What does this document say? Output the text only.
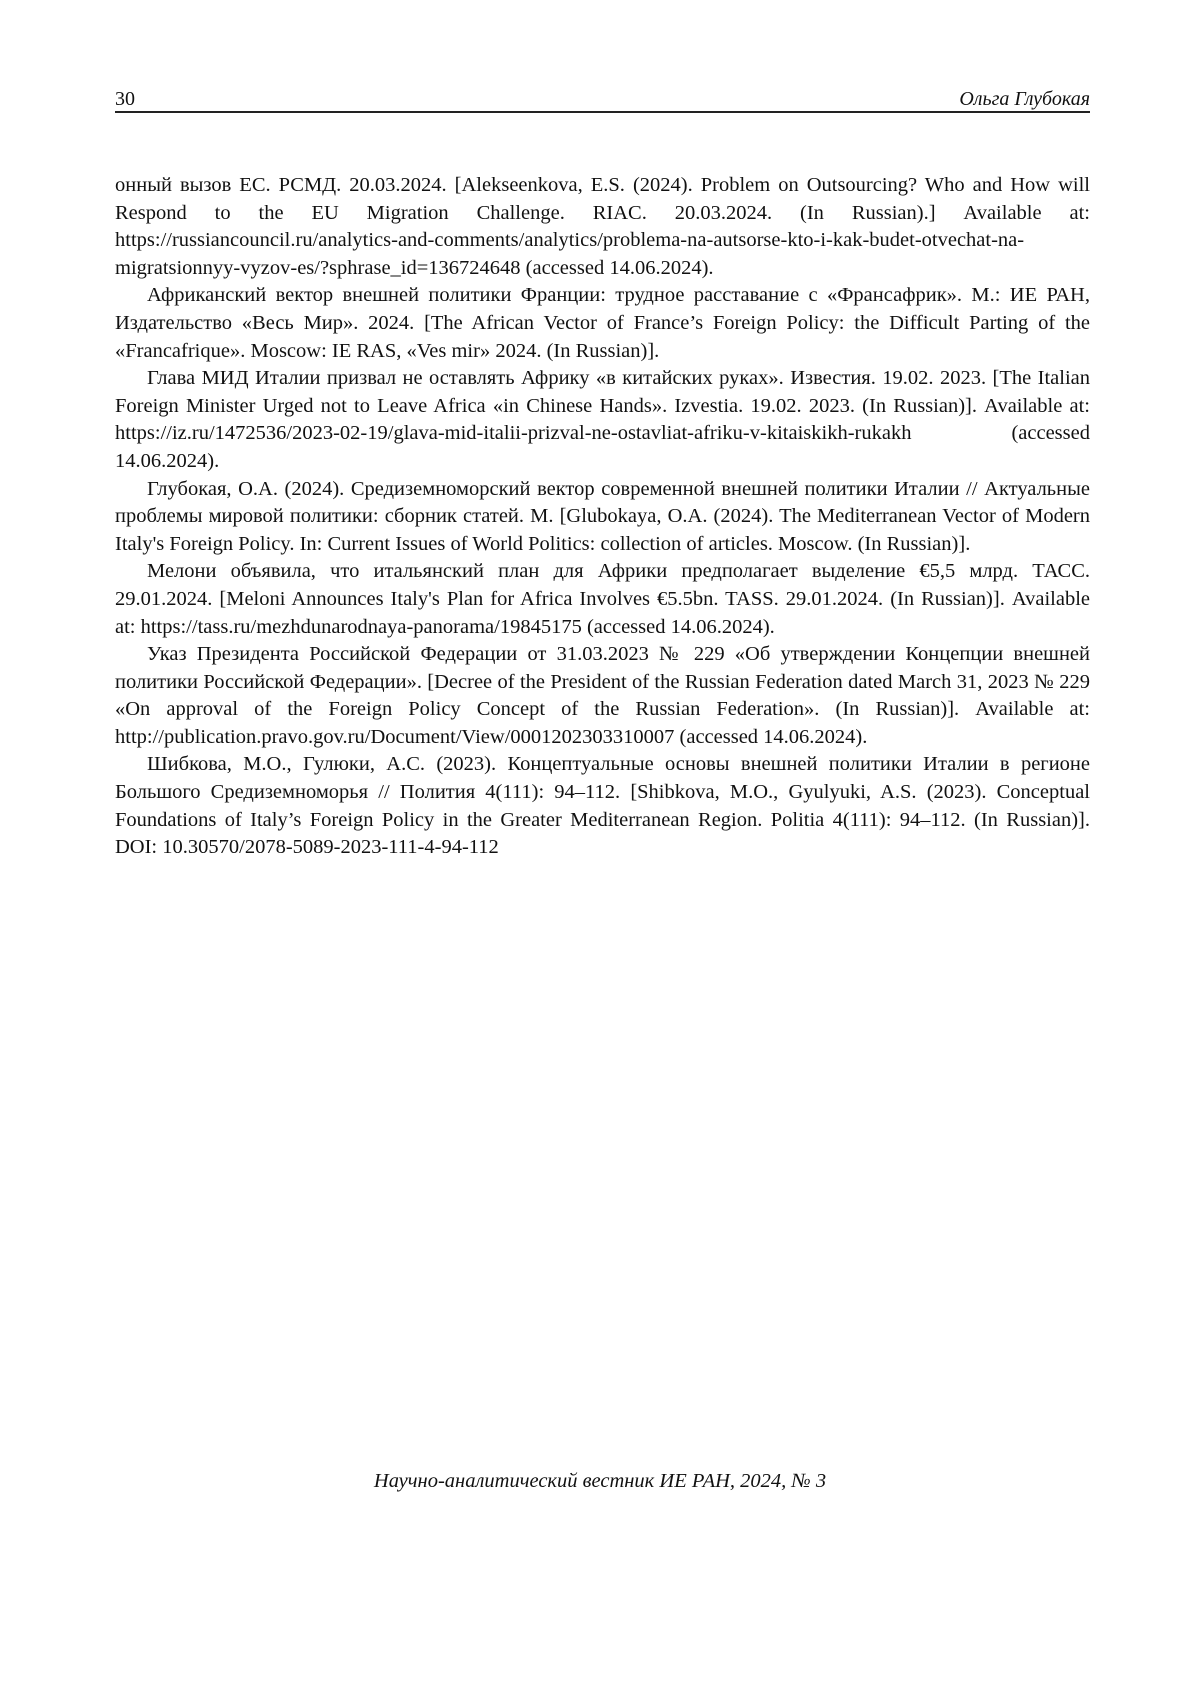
30	Ольга Глубокая

онный вызов ЕС. РСМД. 20.03.2024. [Alekseenkova, E.S. (2024). Problem on Outsourcing? Who and How will Respond to the EU Migration Challenge. RIAC. 20.03.2024. (In Russian).] Available at: https://russiancouncil.ru/analytics-and-comments/analytics/problema-na-autsorse-kto-i-kak-budet-otvechat-na-migratsionnyy-vyzov-es/?sphrase_id=136724648 (accessed 14.06.2024).

Африканский вектор внешней политики Франции: трудное расставание с «Франсафрик». М.: ИЕ РАН, Издательство «Весь Мир». 2024. [The African Vector of France’s Foreign Policy: the Difficult Parting of the «Francafrique». Moscow: IE RAS, «Ves mir» 2024. (In Russian)].

Глава МИД Италии призвал не оставлять Африку «в китайских руках». Известия. 19.02. 2023. [The Italian Foreign Minister Urged not to Leave Africa «in Chinese Hands». Izvestia. 19.02. 2023. (In Russian)]. Available at: https://iz.ru/1472536/2023-02-19/glava-mid-italii-prizval-ne-ostavliat-afriku-v-kitaiskikh-rukakh (accessed 14.06.2024).

Глубокая, О.А. (2024). Средиземноморский вектор современной внешней политики Италии // Актуальные проблемы мировой политики: сборник статей. М. [Glubokaya, O.A. (2024). The Mediterranean Vector of Modern Italy's Foreign Policy. In: Current Issues of World Politics: collection of articles. Moscow. (In Russian)].

Мелони объявила, что итальянский план для Африки предполагает выделение €5,5 млрд. ТАСС. 29.01.2024. [Meloni Announces Italy's Plan for Africa Involves €5.5bn. TASS. 29.01.2024. (In Russian)]. Available at: https://tass.ru/mezhdunarodnaya-panorama/19845175 (accessed 14.06.2024).

Указ Президента Российской Федерации от 31.03.2023 № 229 «Об утверждении Концепции внешней политики Российской Федерации». [Decree of the President of the Russian Federation dated March 31, 2023 № 229 «On approval of the Foreign Policy Concept of the Russian Federation». (In Russian)]. Available at: http://publication.pravo.gov.ru/Document/View/0001202303310007 (accessed 14.06.2024).

Шибкова, М.О., Гулюки, А.С. (2023). Концептуальные основы внешней политики Италии в регионе Большого Средиземноморья // Полития 4(111): 94–112. [Shibkova, M.O., Gyulyuki, A.S. (2023). Conceptual Foundations of Italy’s Foreign Policy in the Greater Mediterranean Region. Politia 4(111): 94–112. (In Russian)]. DOI: 10.30570/2078-5089-2023-111-4-94-112

Научно-аналитический вестник ИЕ РАН, 2024, № 3
